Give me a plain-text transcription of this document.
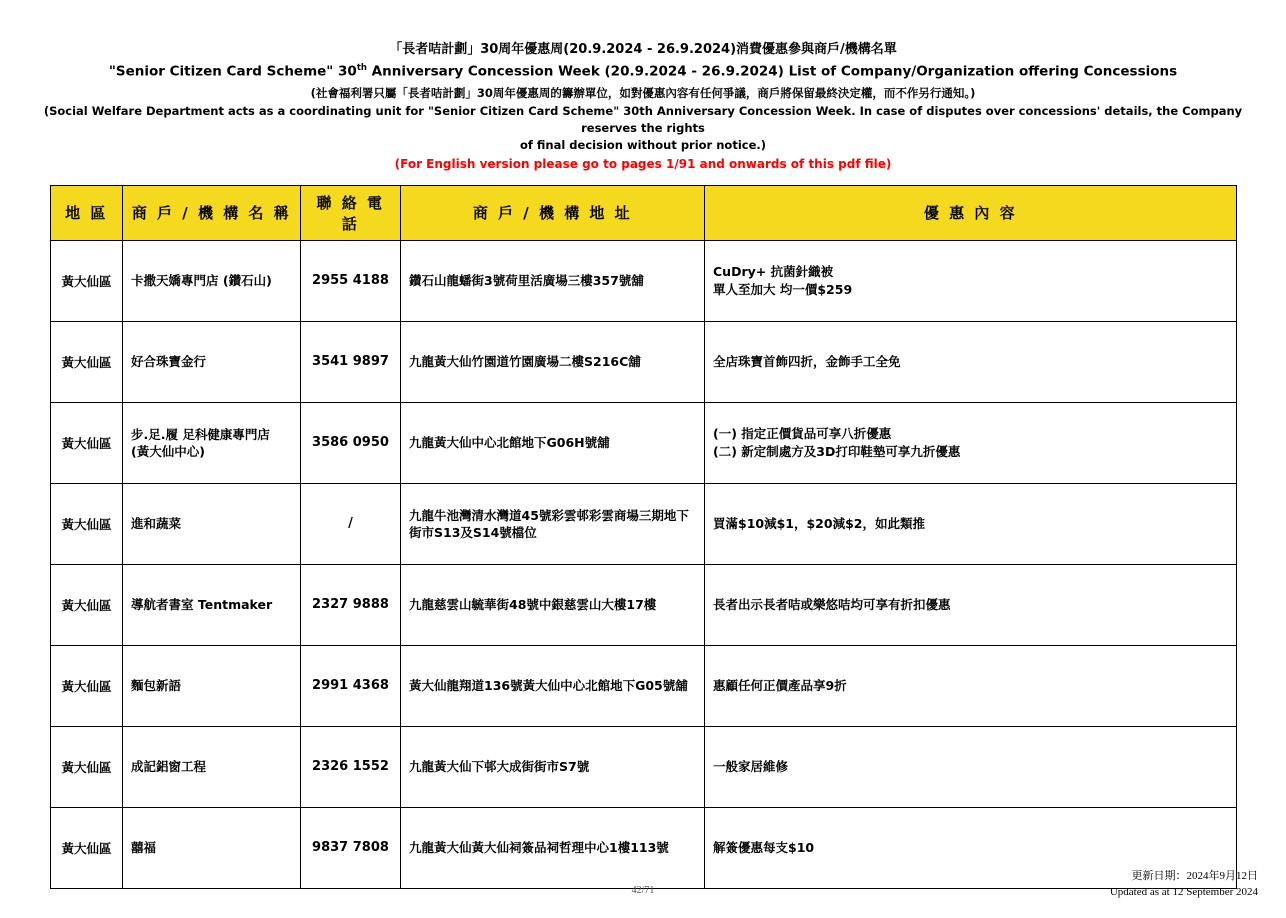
「長者咭計劃」30周年優惠周(20.9.2024 - 26.9.2024)消費優惠參與商戶/機構名單
"Senior Citizen Card Scheme" 30th Anniversary Concession Week (20.9.2024 - 26.9.2024) List of Company/Organization offering Concessions
(社會福利署只屬「長者咭計劃」30周年優惠周的籌辦單位，如對優惠內容有任何爭議，商戶將保留最終決定權，而不作另行通知。)
(Social Welfare Department acts as a coordinating unit for "Senior Citizen Card Scheme" 30th Anniversary Concession Week. In case of disputes over concessions' details, the Company reserves the rights
of final decision without prior notice.)
(For English version please go to pages 1/91 and onwards of this pdf file)
地 區	商 戶 / 機 構 名 稱	聯 絡 電 話	商 戶 / 機 構 地 址	優 惠 內 容
黃大仙區	卡撒天嬌專門店 (鑽石山)	2955 4188	鑽石山龍蟠街3號荷里活廣場三樓357號舖	CuDry+ 抗菌針織被
單人至加大 均一價$259

黃大仙區	好合珠寶金行	3541 9897	九龍黃大仙竹園道竹園廣場二樓S216C舖	全店珠寶首飾四折，金飾手工全免

黃大仙區	步.足.履 足科健康專門店 (黃大仙中心)	3586 0950	九龍黃大仙中心北館地下G06H號舖	(一) 指定正價貨品可享八折優惠
(二) 新定制處方及3D打印鞋墊可享九折優惠

黃大仙區	進和蔬菜	/	九龍牛池灣清水灣道45號彩雲邨彩雲商場三期地下街市S13及S14號檔位	買滿$10減$1，$20減$2，如此類推

黃大仙區	導航者書室 Tentmaker	2327 9888	九龍慈雲山毓華街48號中銀慈雲山大樓17樓	長者出示長者咭或樂悠咭均可享有折扣優惠

黃大仙區	麵包新語	2991 4368	黃大仙龍翔道136號黃大仙中心北館地下G05號舖	惠顧任何正價產品享9折

黃大仙區	成記鋁窗工程	2326 1552	九龍黃大仙下邨大成街街市S7號	一般家居維修

黃大仙區	囍福	9837 7808	九龍黃大仙黃大仙祠簽品祠哲理中心1樓113號	解簽優惠每支$10
42/71
更新日期：2024年9月12日
Updated as at 12 September 2024
